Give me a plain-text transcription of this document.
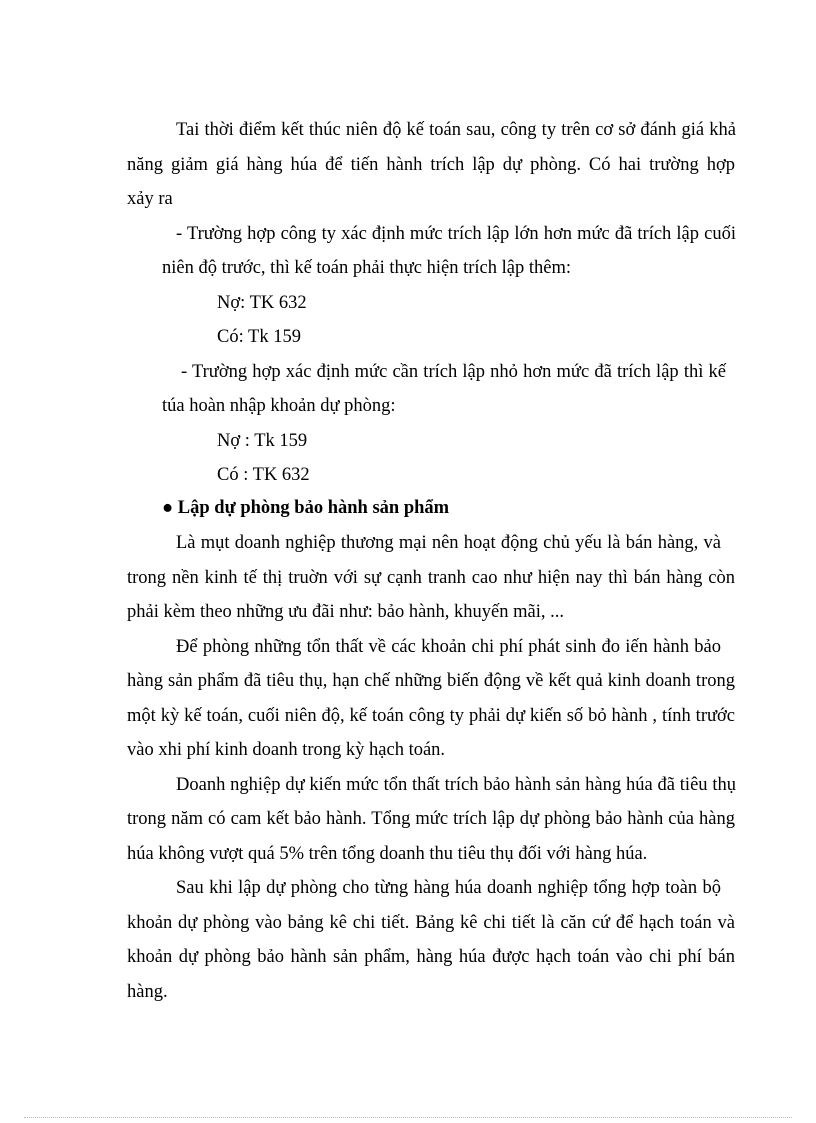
Tai thời điểm kết thúc niên độ kế toán sau, công ty trên cơ sở đánh giá khả
năng giảm giá hàng húa để tiến hành trích lập dự phòng. Có hai trường hợp
xảy ra
- Trường hợp công ty xác định mức trích lập lớn hơn mức đã trích lập cuối
niên độ trước, thì kế toán phải thực hiện trích lập thêm:
Nợ: TK 632
Có: Tk 159
- Trường hợp xác định mức cần trích lập nhỏ hơn mức đã trích lập thì kế
túa hoàn nhập khoản dự phòng:
Nợ : Tk 159
Có : TK 632
● Lập dự phòng bảo hành sản phẩm
Là mụt doanh nghiệp thương mại nên hoạt động chủ yếu là bán hàng, và
trong nền kinh tế thị truờn với sự cạnh tranh cao như hiện nay thì bán hàng còn
phải kèm theo những ưu đãi như: bảo hành, khuyến mãi, ...
Để phòng những tổn thất về các khoản chi phí phát sinh đo iến hành bảo
hàng sản phẩm đã tiêu thụ, hạn chế những biến động về kết quả kinh doanh trong
một kỳ kế toán, cuối niên độ, kế toán công ty phải dự kiến số bỏ hành , tính trước
vào xhi phí kinh doanh trong kỳ hạch toán.
Doanh nghiệp dự kiến mức tổn thất trích bảo hành sản hàng húa đã tiêu thụ
trong năm có cam kết bảo hành. Tổng mức trích lập dự phòng bảo hành của hàng
húa không vượt quá 5% trên tổng doanh thu tiêu thụ đối với hàng húa.
Sau khi lập dự phòng cho từng hàng húa doanh nghiệp tổng hợp toàn bộ
khoản dự phòng vào bảng kê chi tiết. Bảng kê chi tiết là căn cứ để hạch toán và
khoản dự phòng bảo hành sản phẩm, hàng húa được hạch toán vào chi phí bán
hàng.
